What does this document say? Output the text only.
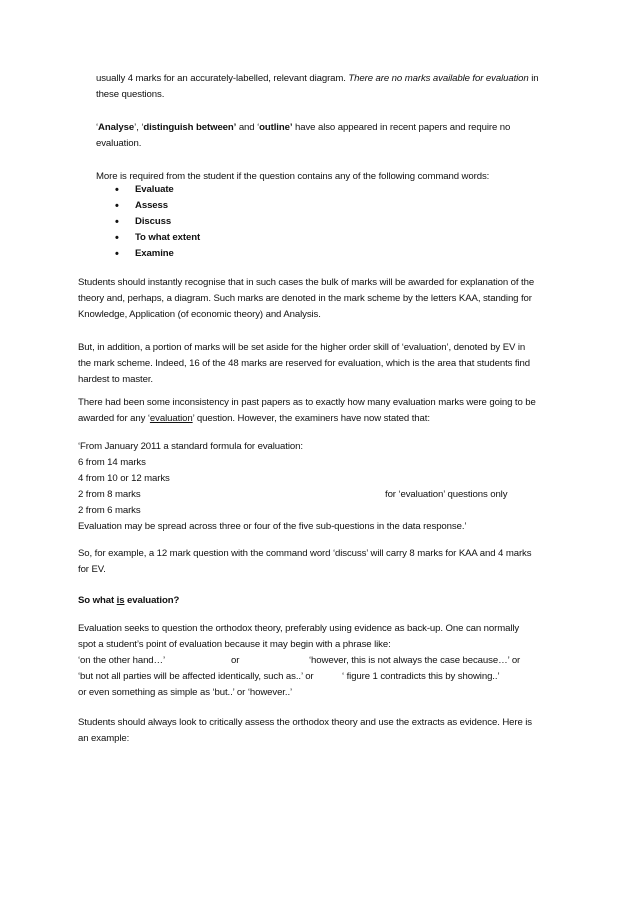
usually 4 marks for an accurately-labelled, relevant diagram. There are no marks available for evaluation in

these questions.

‘Analyse’, ‘distinguish between’ and ‘outline’ have also appeared in recent papers and require no

evaluation.

More is required from the student if the question contains any of the following command words:

• Evaluate
• Assess
• Discuss
• To what extent
• Examine

Students should instantly recognise that in such cases the bulk of marks will be awarded for explanation of the

theory and, perhaps, a diagram. Such marks are denoted in the mark scheme by the letters KAA, standing for

Knowledge, Application (of economic theory) and Analysis.

But, in addition, a portion of marks will be set aside for the higher order skill of ‘evaluation’, denoted by EV in

the mark scheme. Indeed, 16 of the 48 marks are reserved for evaluation, which is the area that students find

hardest to master.

There had been some inconsistency in past papers as to exactly how many evaluation marks were going to be

awarded for any ‘evaluation’ question. However, the examiners have now stated that:

‘From January 2011 a standard formula for evaluation:

6 from 14 marks

4 from 10 or 12 marks

2 from 8 marks	for ‘evaluation’ questions only

2 from 6 marks

Evaluation may be spread across three or four of the five sub-questions in the data response.’

So, for example, a 12 mark question with the command word ‘discuss’ will carry 8 marks for KAA and 4 marks

for EV.

So what is evaluation?

Evaluation seeks to question the orthodox theory, preferably using evidence as back-up. One can normally

spot a student’s point of evaluation because it may begin with a phrase like:

‘on the other hand…’	or	‘however, this is not always the case because…’ or
‘but not all parties will be affected identically, such as..’ or	‘ figure 1 contradicts this by showing..’

or even something as simple as ‘but..’ or ‘however..’

Students should always look to critically assess the orthodox theory and use the extracts as evidence. Here is

an example:
